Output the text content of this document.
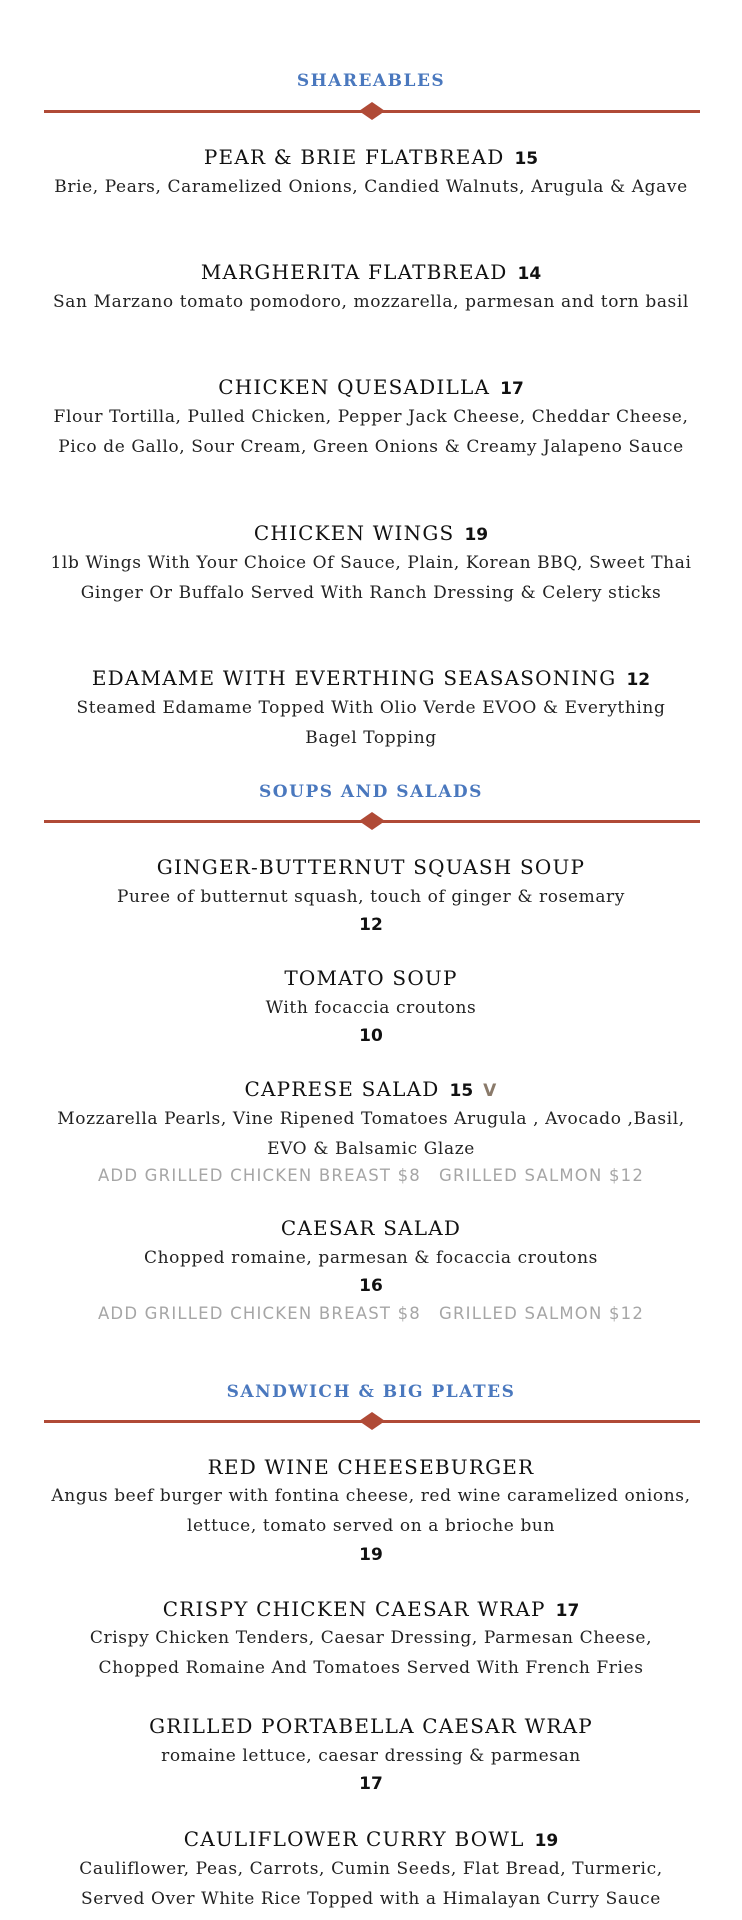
SHAREABLES
PEAR & BRIE FLATBREAD 15
Brie, Pears, Caramelized Onions, Candied Walnuts, Arugula & Agave
MARGHERITA FLATBREAD 14
San Marzano tomato pomodoro, mozzarella, parmesan and torn basil
CHICKEN QUESADILLA 17
Flour Tortilla, Pulled Chicken, Pepper Jack Cheese, Cheddar Cheese, Pico de Gallo, Sour Cream, Green Onions & Creamy Jalapeno Sauce
CHICKEN WINGS 19
1lb Wings With Your Choice Of Sauce, Plain, Korean BBQ, Sweet Thai Ginger Or Buffalo Served With Ranch Dressing & Celery sticks
EDAMAME WITH EVERTHING SEASASONING 12
Steamed Edamame Topped With Olio Verde EVOO & Everything Bagel Topping
SOUPS AND SALADS
GINGER-BUTTERNUT SQUASH SOUP
Puree of butternut squash, touch of ginger & rosemary
12
TOMATO SOUP
With focaccia croutons
10
CAPRESE SALAD 15 V
Mozzarella Pearls, Vine Ripened Tomatoes Arugula , Avocado ,Basil, EVO & Balsamic Glaze
ADD GRILLED CHICKEN BREAST $8 GRILLED SALMON $12
CAESAR SALAD
Chopped romaine, parmesan & focaccia croutons
16
ADD GRILLED CHICKEN BREAST $8 GRILLED SALMON $12
SANDWICH & BIG PLATES
RED WINE CHEESEBURGER
Angus beef burger with fontina cheese, red wine caramelized onions, lettuce, tomato served on a brioche bun
19
CRISPY CHICKEN CAESAR WRAP 17
Crispy Chicken Tenders, Caesar Dressing, Parmesan Cheese, Chopped Romaine And Tomatoes Served With French Fries
GRILLED PORTABELLA CAESAR WRAP
romaine lettuce, caesar dressing & parmesan
17
CAULIFLOWER CURRY BOWL 19
Cauliflower, Peas, Carrots, Cumin Seeds, Flat Bread, Turmeric, Served Over White Rice Topped with a Himalayan Curry Sauce
